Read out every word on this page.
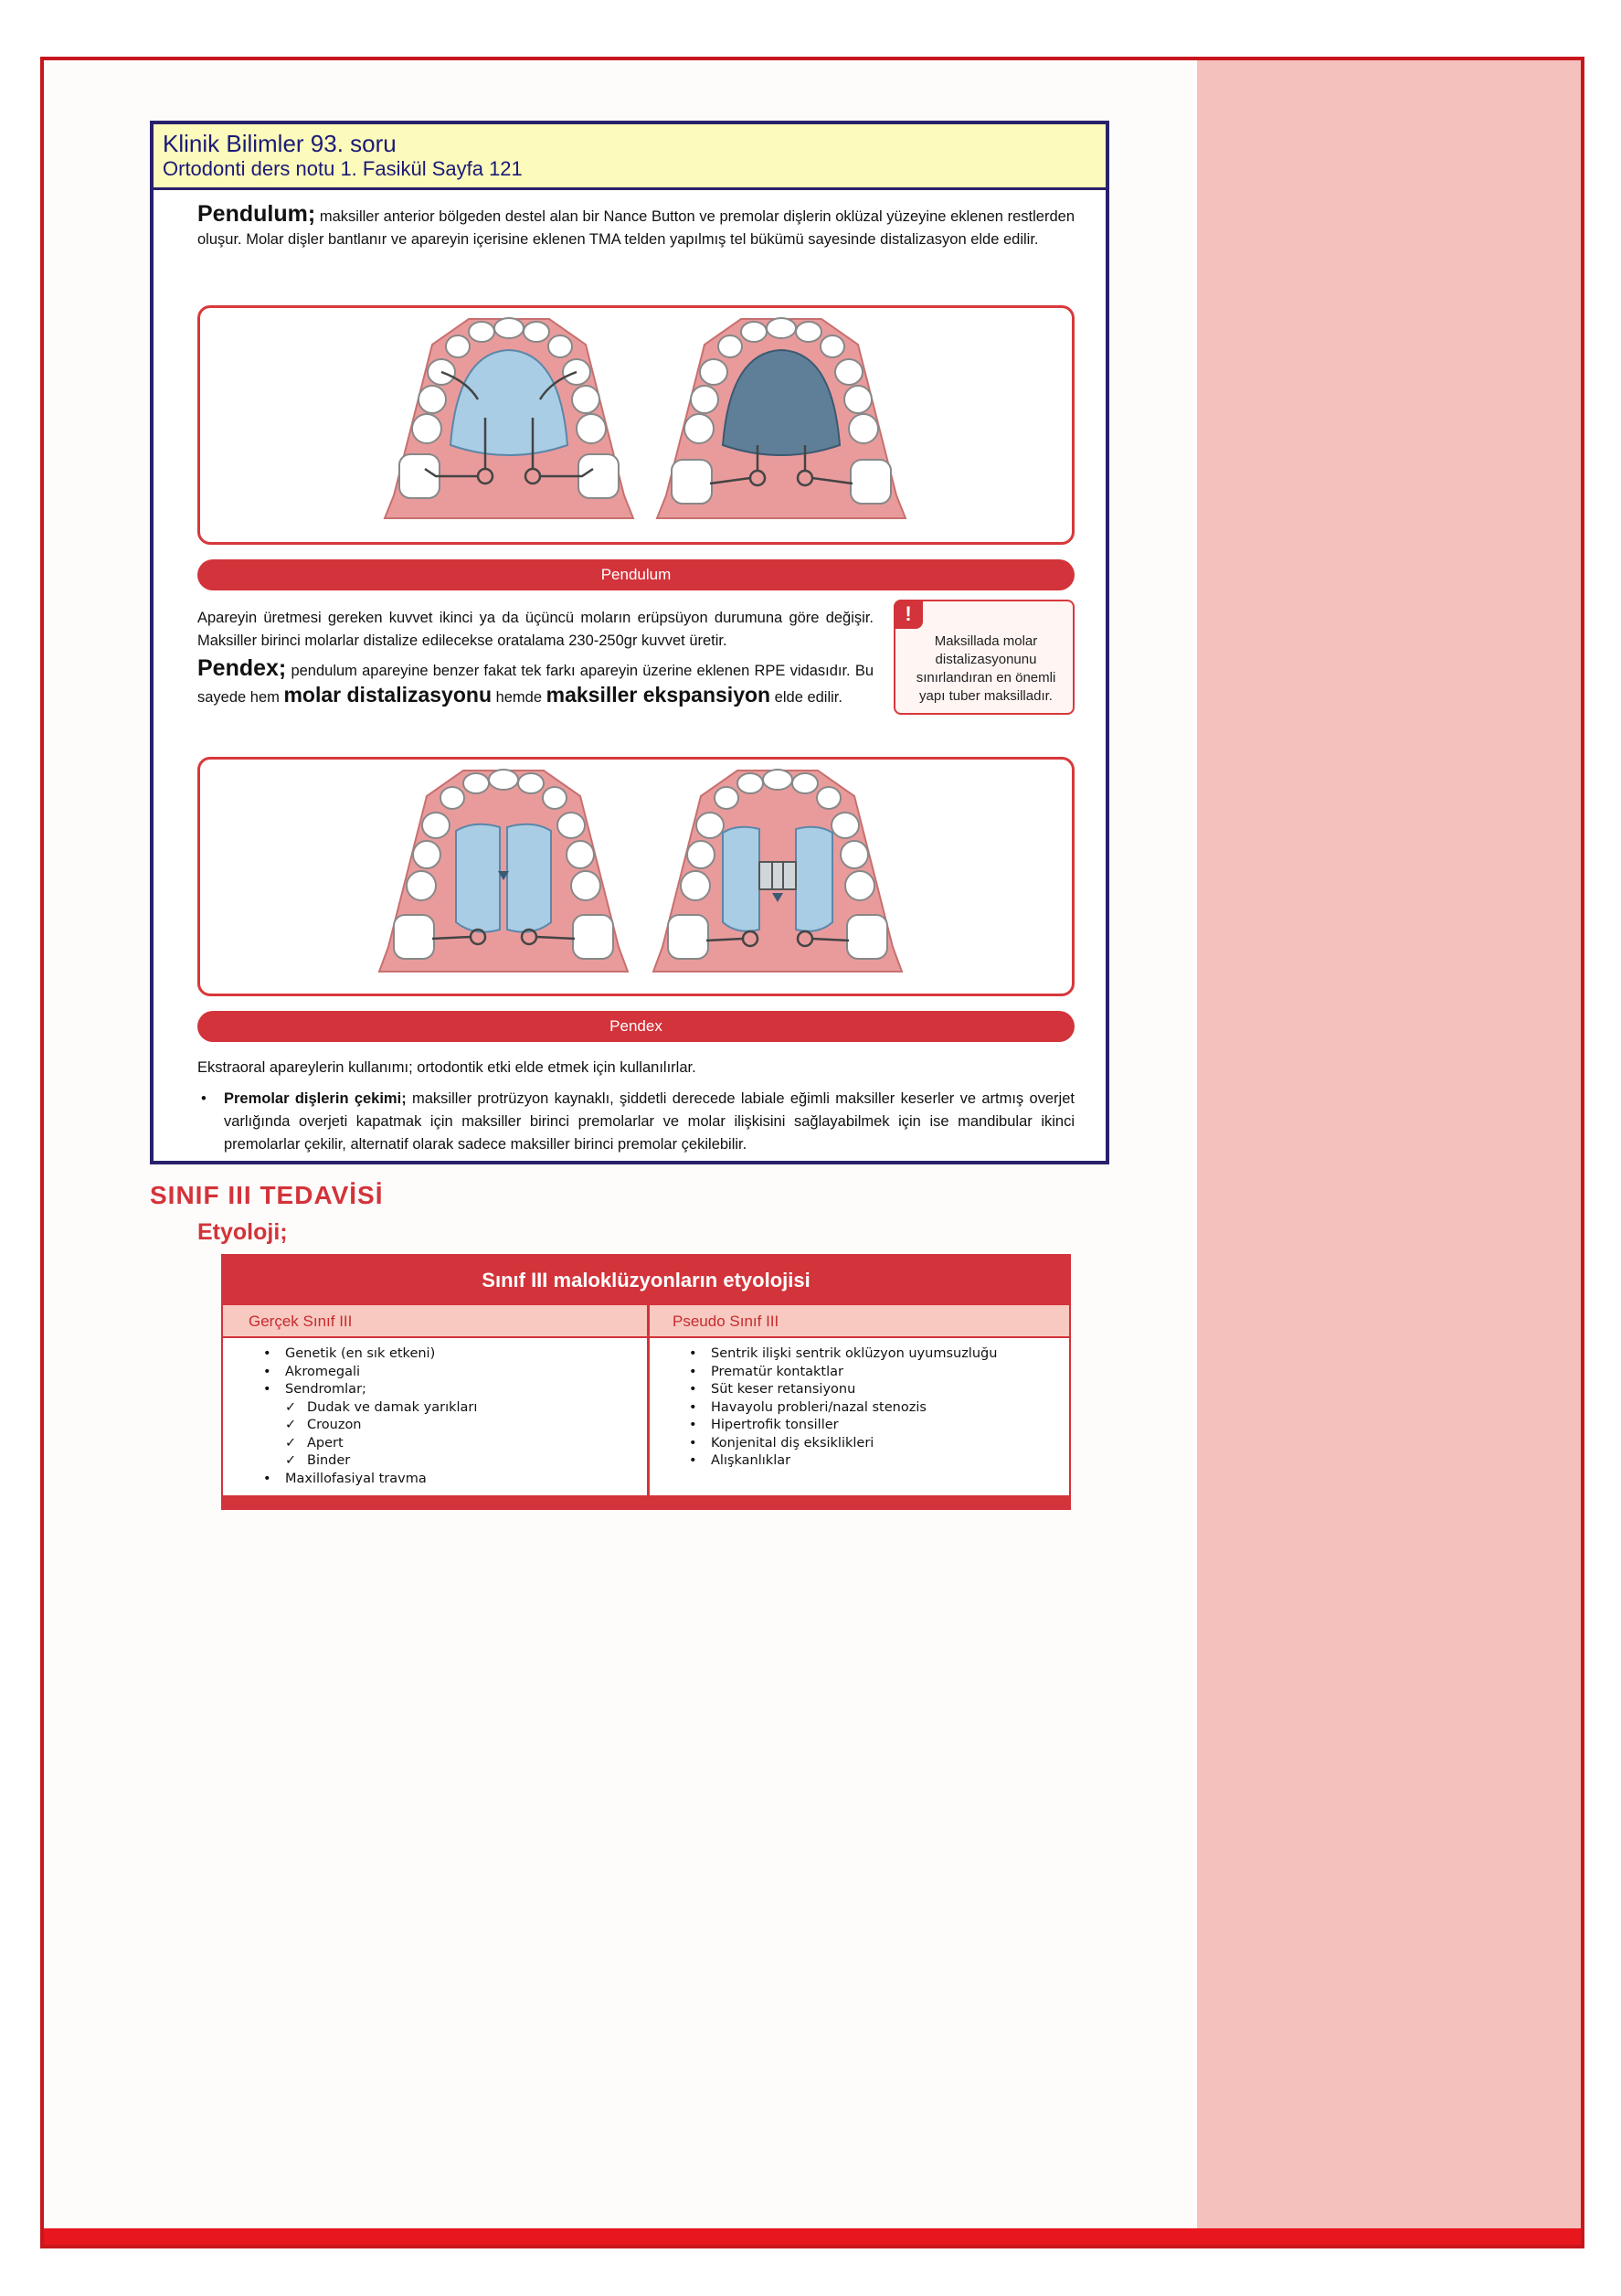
Klinik Bilimler 93. soru
Ortodonti ders notu 1. Fasikül Sayfa 121
Pendulum; maksiller anterior bölgeden destel alan bir Nance Button ve premolar dişlerin oklüzal yüzeyine eklenen restlerden oluşur. Molar dişler bantlanır ve apareyin içerisine eklenen TMA telden yapılmış tel bükümü sayesinde distalizasyon elde edilir.
Pendulum
Apareyin üretmesi gereken kuvvet ikinci ya da üçüncü moların erüpsüyon durumuna göre değişir. Maksiller birinci molarlar distalize edilecekse oratalama 230-250gr kuvvet üretir.
!
Maksillada molar distalizasyonunu sınırlandıran en önemli yapı tuber maksilladır.
Pendex; pendulum apareyine benzer fakat tek farkı apareyin üzerine eklenen RPE vidasıdır. Bu sayede hem molar distalizasyonu hemde maksiller ekspansiyon elde edilir.
Pendex
Ekstraoral apareylerin kullanımı; ortodontik etki elde etmek için kullanılırlar.
• Premolar dişlerin çekimi; maksiller protrüzyon kaynaklı, şiddetli derecede labiale eğimli maksiller keserler ve artmış overjet varlığında overjeti kapatmak için maksiller birinci premolarlar ve molar ilişkisini sağlayabilmek için ise mandibular ikinci premolarlar çekilir, alternatif olarak sadece maksiller birinci premolar çekilebilir.
SINIF III TEDAVİSİ
Etyoloji;
Sınıf III maloklüzyonların etyolojisi
Gerçek Sınıf III	Pseudo Sınıf III
• Genetik (en sık etkeni)
• Akromegali
• Sendromlar;
✓ Dudak ve damak yarıkları
✓ Crouzon
✓ Apert
✓ Binder
• Maxillofasiyal travma
• Sentrik ilişki sentrik oklüzyon uyumsuzluğu
• Prematür kontaktlar
• Süt keser retansiyonu
• Havayolu probleri/nazal stenozis
• Hipertrofik tonsiller
• Konjenital diş eksiklikleri
• Alışkanlıklar
